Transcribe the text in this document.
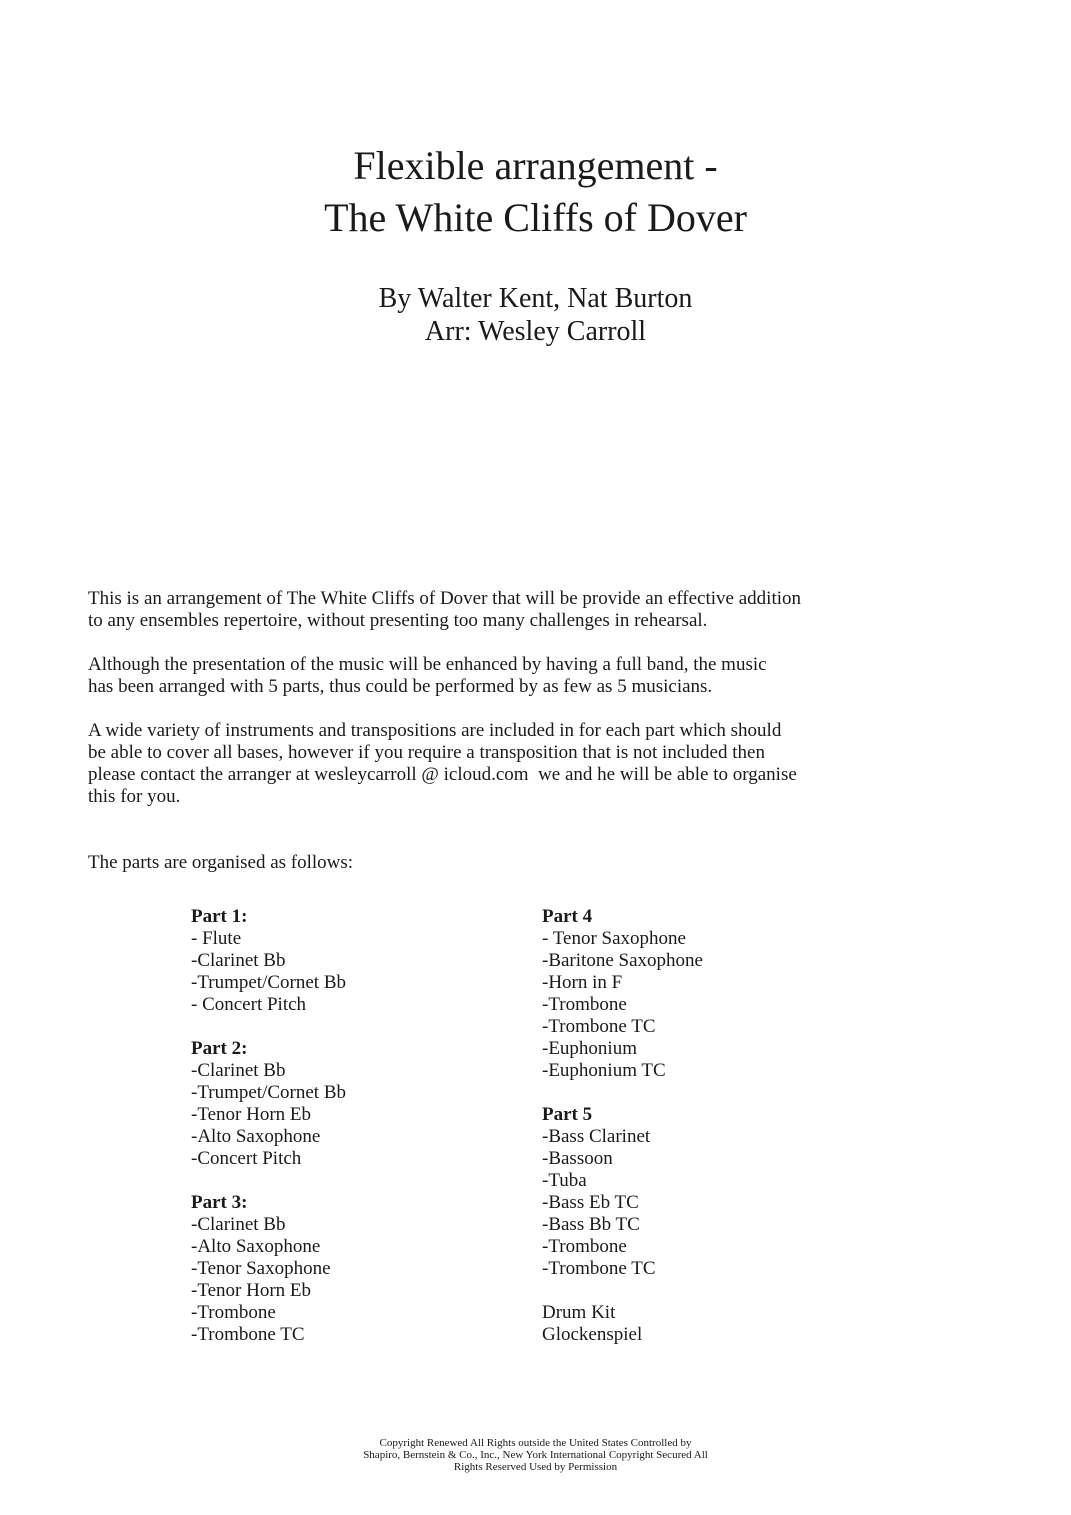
Flexible arrangement -
The White Cliffs of Dover
By Walter Kent, Nat Burton
Arr: Wesley Carroll

This is an arrangement of The White Cliffs of Dover that will be provide an effective addition
to any ensembles repertoire, without presenting too many challenges in rehearsal.

Although the presentation of the music will be enhanced by having a full band, the music
has been arranged with 5 parts, thus could be performed by as few as 5 musicians.

A wide variety of instruments and transpositions are included in for each part which should
be able to cover all bases, however if you require a transposition that is not included then
please contact the arranger at wesleycarroll @ icloud.com  we and he will be able to organise
this for you.

The parts are organised as follows:

Part 1:
- Flute
-Clarinet Bb
-Trumpet/Cornet Bb
- Concert Pitch
Part 2:
-Clarinet Bb
-Trumpet/Cornet Bb
-Tenor Horn Eb
-Alto Saxophone
-Concert Pitch
Part 3:
-Clarinet Bb
-Alto Saxophone
-Tenor Saxophone
-Tenor Horn Eb
-Trombone
-Trombone TC
Part 4
- Tenor Saxophone
-Baritone Saxophone
-Horn in F
-Trombone
-Trombone TC
-Euphonium
-Euphonium TC
Part 5
-Bass Clarinet
-Bassoon
-Tuba
-Bass Eb TC
-Bass Bb TC
-Trombone
-Trombone TC
Drum Kit
Glockenspiel
Copyright Renewed All Rights outside the United States Controlled by
Shapiro, Bernstein & Co., Inc., New York International Copyright Secured All
Rights Reserved Used by Permission
